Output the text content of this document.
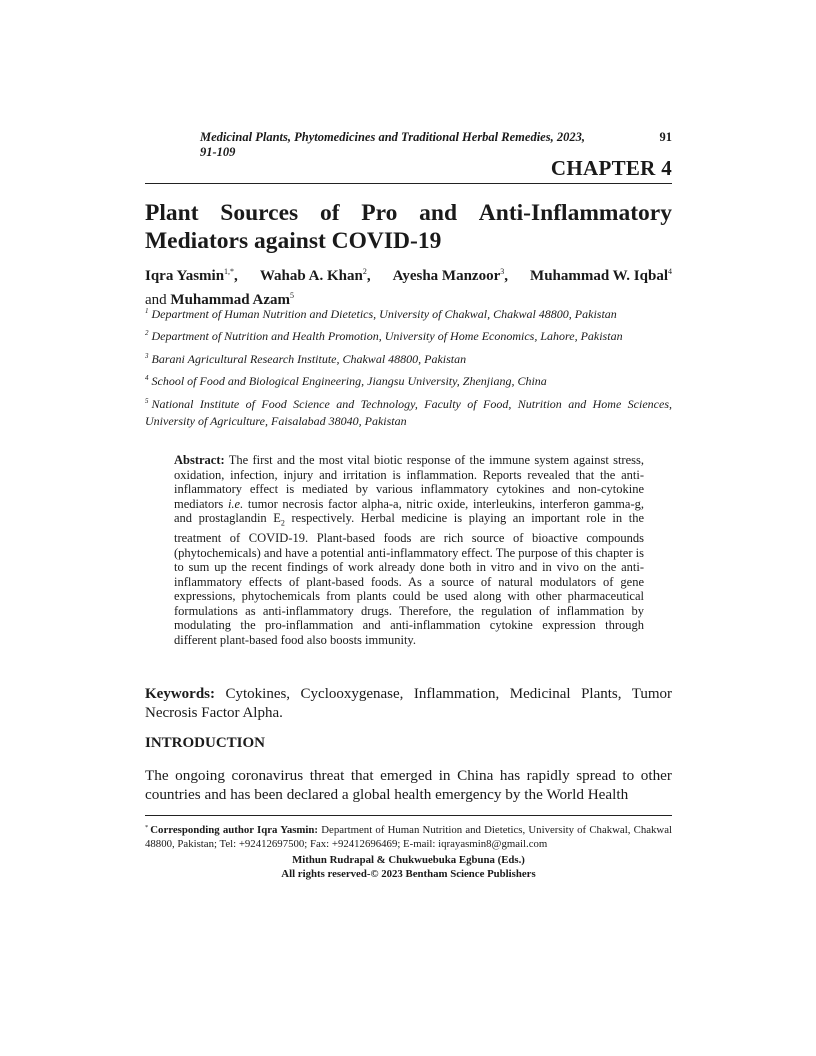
Medicinal Plants, Phytomedicines and Traditional Herbal Remedies, 2023, 91-109
91
CHAPTER 4
Plant Sources of Pro and Anti-Inflammatory
Mediators against COVID-19
Iqra Yasmin$^{1,*}$, Wahab A. Khan$^2$, Ayesha Manzoor$^3$, Muhammad W. Iqbal$^4$
and Muhammad Azam$^5$
$^1$ Department of Human Nutrition and Dietetics, University of Chakwal, Chakwal 48800, Pakistan
$^2$ Department of Nutrition and Health Promotion, University of Home Economics, Lahore, Pakistan
$^3$ Barani Agricultural Research Institute, Chakwal 48800, Pakistan
$^4$ School of Food and Biological Engineering, Jiangsu University, Zhenjiang, China
$^5$ National Institute of Food Science and Technology, Faculty of Food, Nutrition and Home Sciences, University of Agriculture, Faisalabad 38040, Pakistan
Abstract: The first and the most vital biotic response of the immune system against stress, oxidation, infection, injury and irritation is inflammation. Reports revealed that the anti-inflammatory effect is mediated by various inflammatory cytokines and non-cytokine mediators i.e. tumor necrosis factor alpha-a, nitric oxide, interleukins, interferon gamma-g, and prostaglandin $E_2$ respectively. Herbal medicine is playing an important role in the treatment of COVID-19. Plant-based foods are rich source of bioactive compounds (phytochemicals) and have a potential anti-inflammatory effect. The purpose of this chapter is to sum up the recent findings of work already done both in vitro and in vivo on the anti-inflammatory effects of plant-based foods. As a source of natural modulators of gene expressions, phytochemicals from plants could be used along with other pharmaceutical formulations as anti-inflammatory drugs. Therefore, the regulation of inflammation by modulating the pro-inflammation and anti-inflammation cytokine expression through different plant-based food also boosts immunity.
Keywords: Cytokines, Cyclooxygenase, Inflammation, Medicinal Plants, Tumor Necrosis Factor Alpha.
INTRODUCTION
The ongoing coronavirus threat that emerged in China has rapidly spread to other countries and has been declared a global health emergency by the World Health
* Corresponding author Iqra Yasmin: Department of Human Nutrition and Dietetics, University of Chakwal, Chakwal 48800, Pakistan; Tel: +92412697500; Fax: +92412696469; E-mail: iqrayasmin8@gmail.com
Mithun Rudrapal & Chukwuebuka Egbuna (Eds.)
All rights reserved-© 2023 Bentham Science Publishers
